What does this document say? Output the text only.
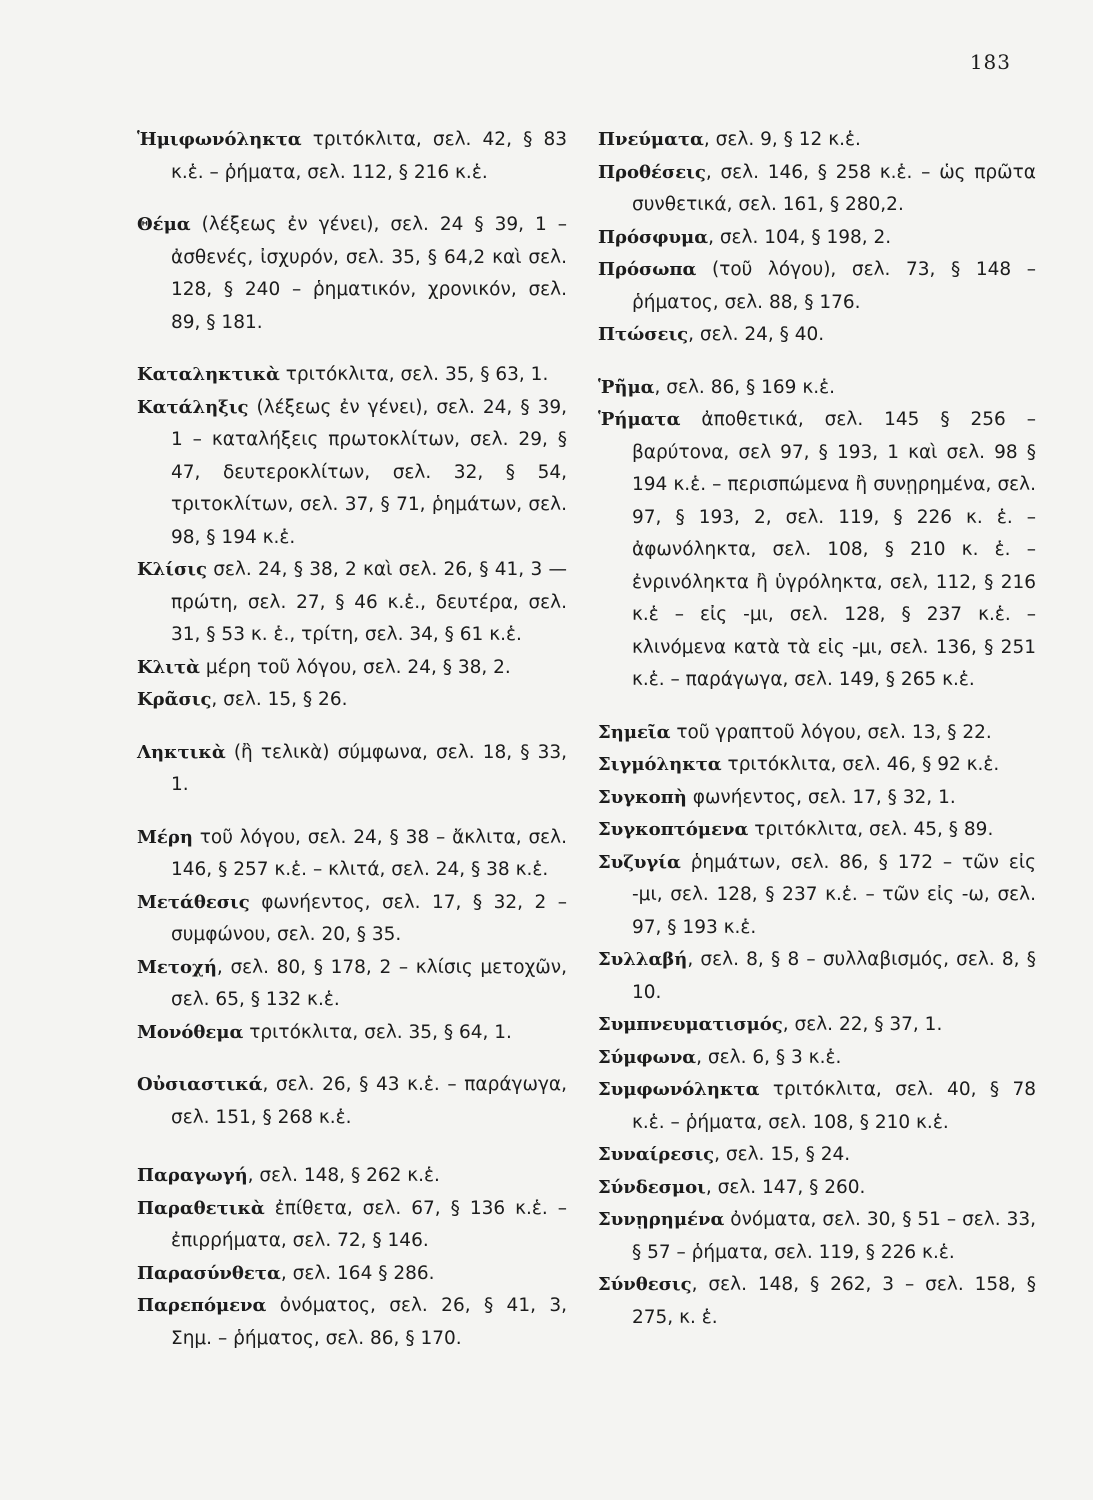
183
Ἡμιφωνόληκτα τριτόκλιτα, σελ. 42, § 83 κ.ἑ. – ῥήματα, σελ. 112, § 216 κ.ἑ.
Θέμα (λέξεως ἐν γένει), σελ. 24 § 39, 1 – ἀσθενές, ἰσχυρόν, σελ. 35, § 64,2 καὶ σελ. 128, § 240 – ῥηματικόν, χρονικόν, σελ. 89, § 181.
Καταληκτικὰ τριτόκλιτα, σελ. 35, § 63, 1.
Κατάληξις (λέξεως ἐν γένει), σελ. 24, § 39, 1 – καταλήξεις πρωτοκλίτων, σελ. 29, § 47, δευτεροκλίτων, σελ. 32, § 54, τριτοκλίτων, σελ. 37, § 71, ῥημάτων, σελ. 98, § 194 κ.ἑ.
Κλίσις σελ. 24, § 38, 2 καὶ σελ. 26, § 41, 3 — πρώτη, σελ. 27, § 46 κ.ἑ., δευτέρα, σελ. 31, § 53 κ. ἑ., τρίτη, σελ. 34, § 61 κ.ἑ.
Κλιτὰ μέρη τοῦ λόγου, σελ. 24, § 38, 2.
Κρᾶσις, σελ. 15, § 26.
Ληκτικὰ (ἢ τελικὰ) σύμφωνα, σελ. 18, § 33, 1.
Μέρη τοῦ λόγου, σελ. 24, § 38 – ἄκλιτα, σελ. 146, § 257 κ.ἑ. – κλιτά, σελ. 24, § 38 κ.ἑ.
Μετάθεσις φωνήεντος, σελ. 17, § 32, 2 – συμφώνου, σελ. 20, § 35.
Μετοχή, σελ. 80, § 178, 2 – κλίσις μετοχῶν, σελ. 65, § 132 κ.ἑ.
Μονόθεμα τριτόκλιτα, σελ. 35, § 64, 1.
Οὐσιαστικά, σελ. 26, § 43 κ.ἑ. – παράγωγα, σελ. 151, § 268 κ.ἑ.
Παραγωγή, σελ. 148, § 262 κ.ἑ.
Παραθετικὰ ἐπίθετα, σελ. 67, § 136 κ.ἑ. – ἐπιρρήματα, σελ. 72, § 146.
Παρασύνθετα, σελ. 164 § 286.
Παρεπόμενα ὀνόματος, σελ. 26, § 41, 3, Σημ. – ῥήματος, σελ. 86, § 170.
Πνεύματα, σελ. 9, § 12 κ.ἑ.
Προθέσεις, σελ. 146, § 258 κ.ἑ. – ὡς πρῶτα συνθετικά, σελ. 161, § 280,2.
Πρόσφυμα, σελ. 104, § 198, 2.
Πρόσωπα (τοῦ λόγου), σελ. 73, § 148 – ῥήματος, σελ. 88, § 176.
Πτώσεις, σελ. 24, § 40.
Ῥῆμα, σελ. 86, § 169 κ.ἑ.
Ῥήματα ἀποθετικά, σελ. 145 § 256 – βαρύτονα, σελ 97, § 193, 1 καὶ σελ. 98 § 194 κ.ἑ. – περισπώμενα ἢ συνῃρημένα, σελ. 97, § 193, 2, σελ. 119, § 226 κ. ἑ. – ἀφωνόληκτα, σελ. 108, § 210 κ. ἑ. – ἐνρινόληκτα ἢ ὑγρόληκτα, σελ, 112, § 216 κ.ἑ – εἰς -μι, σελ. 128, § 237 κ.ἑ. – κλινόμενα κατὰ τὰ εἰς -μι, σελ. 136, § 251 κ.ἑ. – παράγωγα, σελ. 149, § 265 κ.ἑ.
Σημεῖα τοῦ γραπτοῦ λόγου, σελ. 13, § 22.
Σιγμόληκτα τριτόκλιτα, σελ. 46, § 92 κ.ἑ.
Συγκοπὴ φωνήεντος, σελ. 17, § 32, 1.
Συγκοπτόμενα τριτόκλιτα, σελ. 45, § 89.
Συζυγία ῥημάτων, σελ. 86, § 172 – τῶν εἰς -μι, σελ. 128, § 237 κ.ἑ. – τῶν εἰς -ω, σελ. 97, § 193 κ.ἑ.
Συλλαβή, σελ. 8, § 8 – συλλαβισμός, σελ. 8, § 10.
Συμπνευματισμός, σελ. 22, § 37, 1.
Σύμφωνα, σελ. 6, § 3 κ.ἑ.
Συμφωνόληκτα τριτόκλιτα, σελ. 40, § 78 κ.ἑ. – ῥήματα, σελ. 108, § 210 κ.ἑ.
Συναίρεσις, σελ. 15, § 24.
Σύνδεσμοι, σελ. 147, § 260.
Συνῃρημένα ὀνόματα, σελ. 30, § 51 – σελ. 33, § 57 – ῥήματα, σελ. 119, § 226 κ.ἑ.
Σύνθεσις, σελ. 148, § 262, 3 – σελ. 158, § 275, κ. ἑ.
